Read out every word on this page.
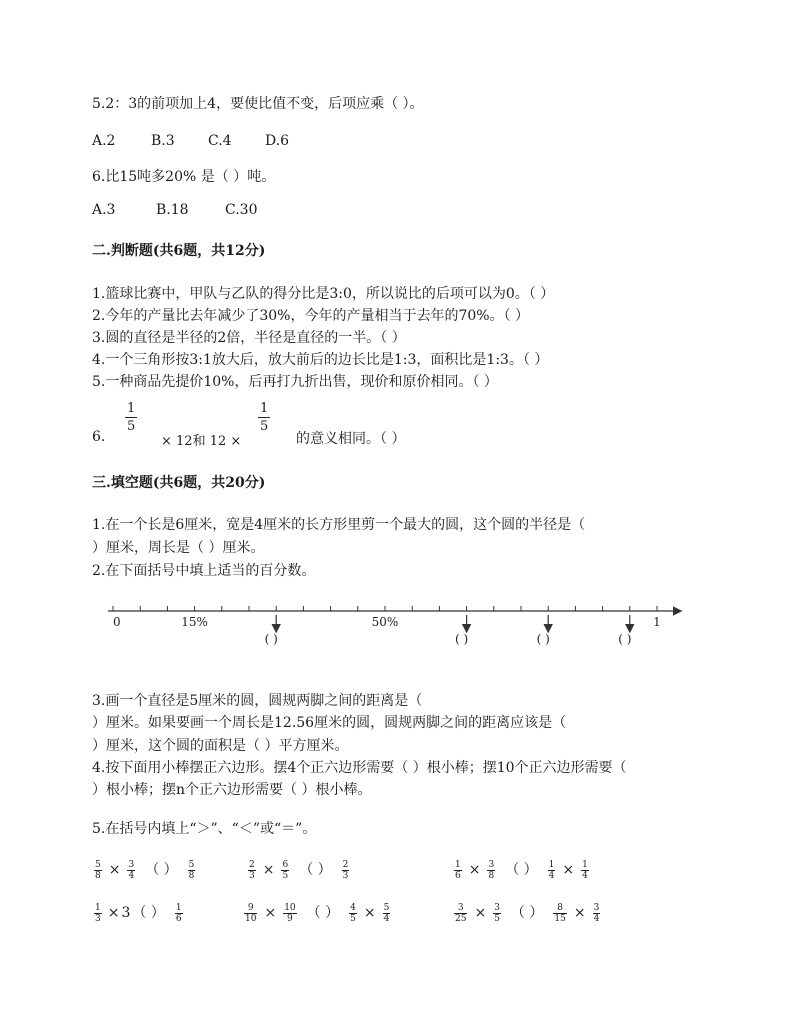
5.2：3的前项加上4，要使比值不变，后项应乘（ ）。
A.2	B.3 C.4 D.6
6.比15吨多20% 是（ ）吨。
A.3	B.18	C.30
二.判断题(共6题，共12分)
1.篮球比赛中，甲队与乙队的得分比是3:0，所以说比的后项可以为0。（ ）
2.今年的产量比去年减少了30%，今年的产量相当于去年的70%。（ ）
3.圆的直径是半径的2倍，半径是直径的一半。（ ）
4.一个三角形按3:1放大后，放大前后的边长比是1:3，面积比是1:3。（ ）
5.一种商品先提价10%，后再打九折出售，现价和原价相同。（ ）
6.
$\frac{1}{5}$
× 12和 12 ×
$\frac{1}{5}$
的意义相同。（ ）
三.填空题(共6题，共20分)
1.在一个长是6厘米，宽是4厘米的长方形里剪一个最大的圆，这个圆的半径是（
）厘米，周长是（ ）厘米。
2.在下面括号中填上适当的百分数。
0	15%	50%	1
( )	( )	( )	( )
3.画一个直径是5厘米的圆，圆规两脚之间的距离是（
）厘米。如果要画一个周长是12.56厘米的圆，圆规两脚之间的距离应该是（
）厘米，这个圆的面积是（ ）平方厘米。
4.按下面用小棒摆正六边形。摆4个正六边形需要（ ）根小棒；摆10个正六边形需要（
）根小棒；摆n个正六边形需要（ ）根小棒。
5.在括号内填上“＞”、“＜”或“＝”。
$\frac{5}{8} \times \frac{3}{4}$ （ ） $\frac{5}{8}$	$\frac{2}{3} \times \frac{6}{5}$ （ ） $\frac{2}{3}$	$\frac{1}{6} \times \frac{3}{8}$ （ ） $\frac{1}{4} \times \frac{1}{4}$
$\frac{1}{3} \times 3$ （ ） $\frac{1}{6}$	$\frac{9}{10} \times \frac{10}{9}$ （ ） $\frac{4}{5} \times \frac{5}{4}$	$\frac{3}{25} \times \frac{3}{5}$ （ ） $\frac{8}{15} \times \frac{3}{4}$
